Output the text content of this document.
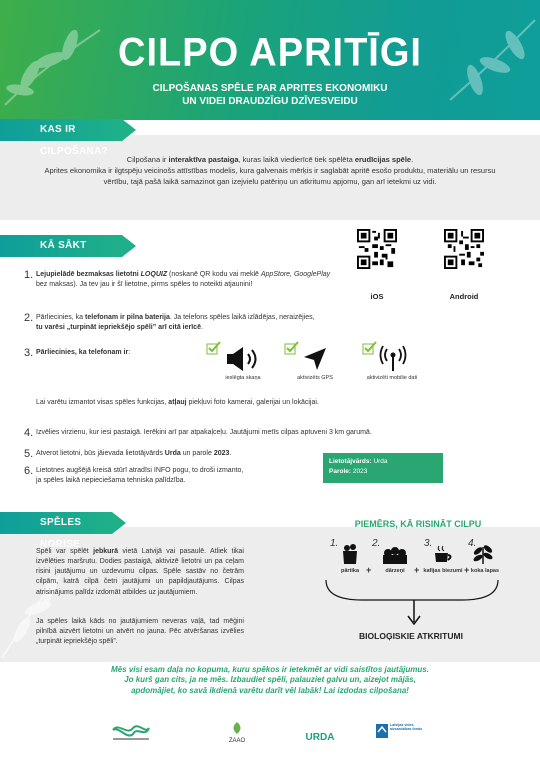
CILPO APRITĪGI
CILPOŠANAS SPĒLE PAR APRITES EKONOMIKU
UN VIDEI DRAUDZĪGU DZĪVESVEIDU
KAS IR CILPOŠANA?
Cilpošana ir interaktīva pastaiga, kuras laikā viedierīcē tiek spēlēta erudīcijas spēle.
Aprites ekonomika ir ilgtspēju veicinošs attīstības modelis, kura galvenais mērķis ir saglabāt apritē esošo produktu, materiālu un resursu vērtību, tajā pašā laikā samazinot gan izejvielu patēriņu un atkritumu apjomu, gan arī ietekmi uz vidi.
KĀ SĀKT CILPOT?
iOS	Android
1. Lejupielādē bezmaksas lietotni LOQUIZ (noskanē QR kodu vai meklē AppStore, GooglePlay bez maksas). Ja tev jau ir šī lietotne, pirms spēles to noteikti atjaunini!
2. Pārliecinies, ka telefonam ir pilna baterija. Ja telefons spēles laikā izlādējas, neraizējies,
tu varēsi „turpināt iepriekšējo spēli” arī citā ierīcē.
3. Pārliecinies, ka telefonam ir:
ieslēgta skaņa	aktivizēts GPS	aktivizēti mobilie dati
Lai varētu izmantot visas spēles funkcijas, atļauj piekļuvi foto kamerai, galerijai un lokācijai.
4. Izvēlies virzienu, kur iesi pastaigā. Ierēķini arī par atpakaļceļu. Jautājumi metīs cilpas aptuveni 3 km garumā.
5. Atverot lietotni, būs jāievada lietotājvārds Urda un parole 2023.
6. Lietotnes augšējā kreisā stūrī atradīsi INFO pogu, to droši izmanto,
ja spēles laikā nepieciešama tehniska palīdzība.
Lietotājvārds: Urda
Parole: 2023
SPĒLES NORISE
Spēli var spēlēt jebkurā vietā Latvijā vai pasaulē. Atliek tikai izvēlēties maršrutu. Dodies pastaigā, aktivizē lietotni un pa ceļam risini jautājumu un uzdevumu cilpas. Spēle sastāv no četrām cilpām, katrā cilpā četri jautājumi un papildjautājums. Cilpas atrisinājums palīdz izdomāt atbildes uz jautājumiem.
Ja spēles laikā kāds no jautājumiem neveras vaļā, tad mēģini pilnībā aizvērt lietotni un atvērt no jauna. Pēc atvēršanas izvēlies „turpināt iepriekšējo spēli”.
PIEMĒRS, KĀ RISINĀT CILPU
1.	2.	3.	4.
pārtika +	dārzeņi	+ kafijas biezumi + koka lapas
BIOLOĢISKIE ATKRITUMI
Mēs visi esam daļa no kopuma, kuru spēkos ir ietekmēt ar vidi saistītos jautājumus.
Jo kurš gan cits, ja ne mēs. Izbaudiet spēli, palauziet galvu un, aizejot mājās,
apdomājiet, ko savā ikdienā varētu darīt vēl labāk! Lai izdodas cilpošana!
ZAAO	URDA
Latvijas vides aizsardzības fonds
